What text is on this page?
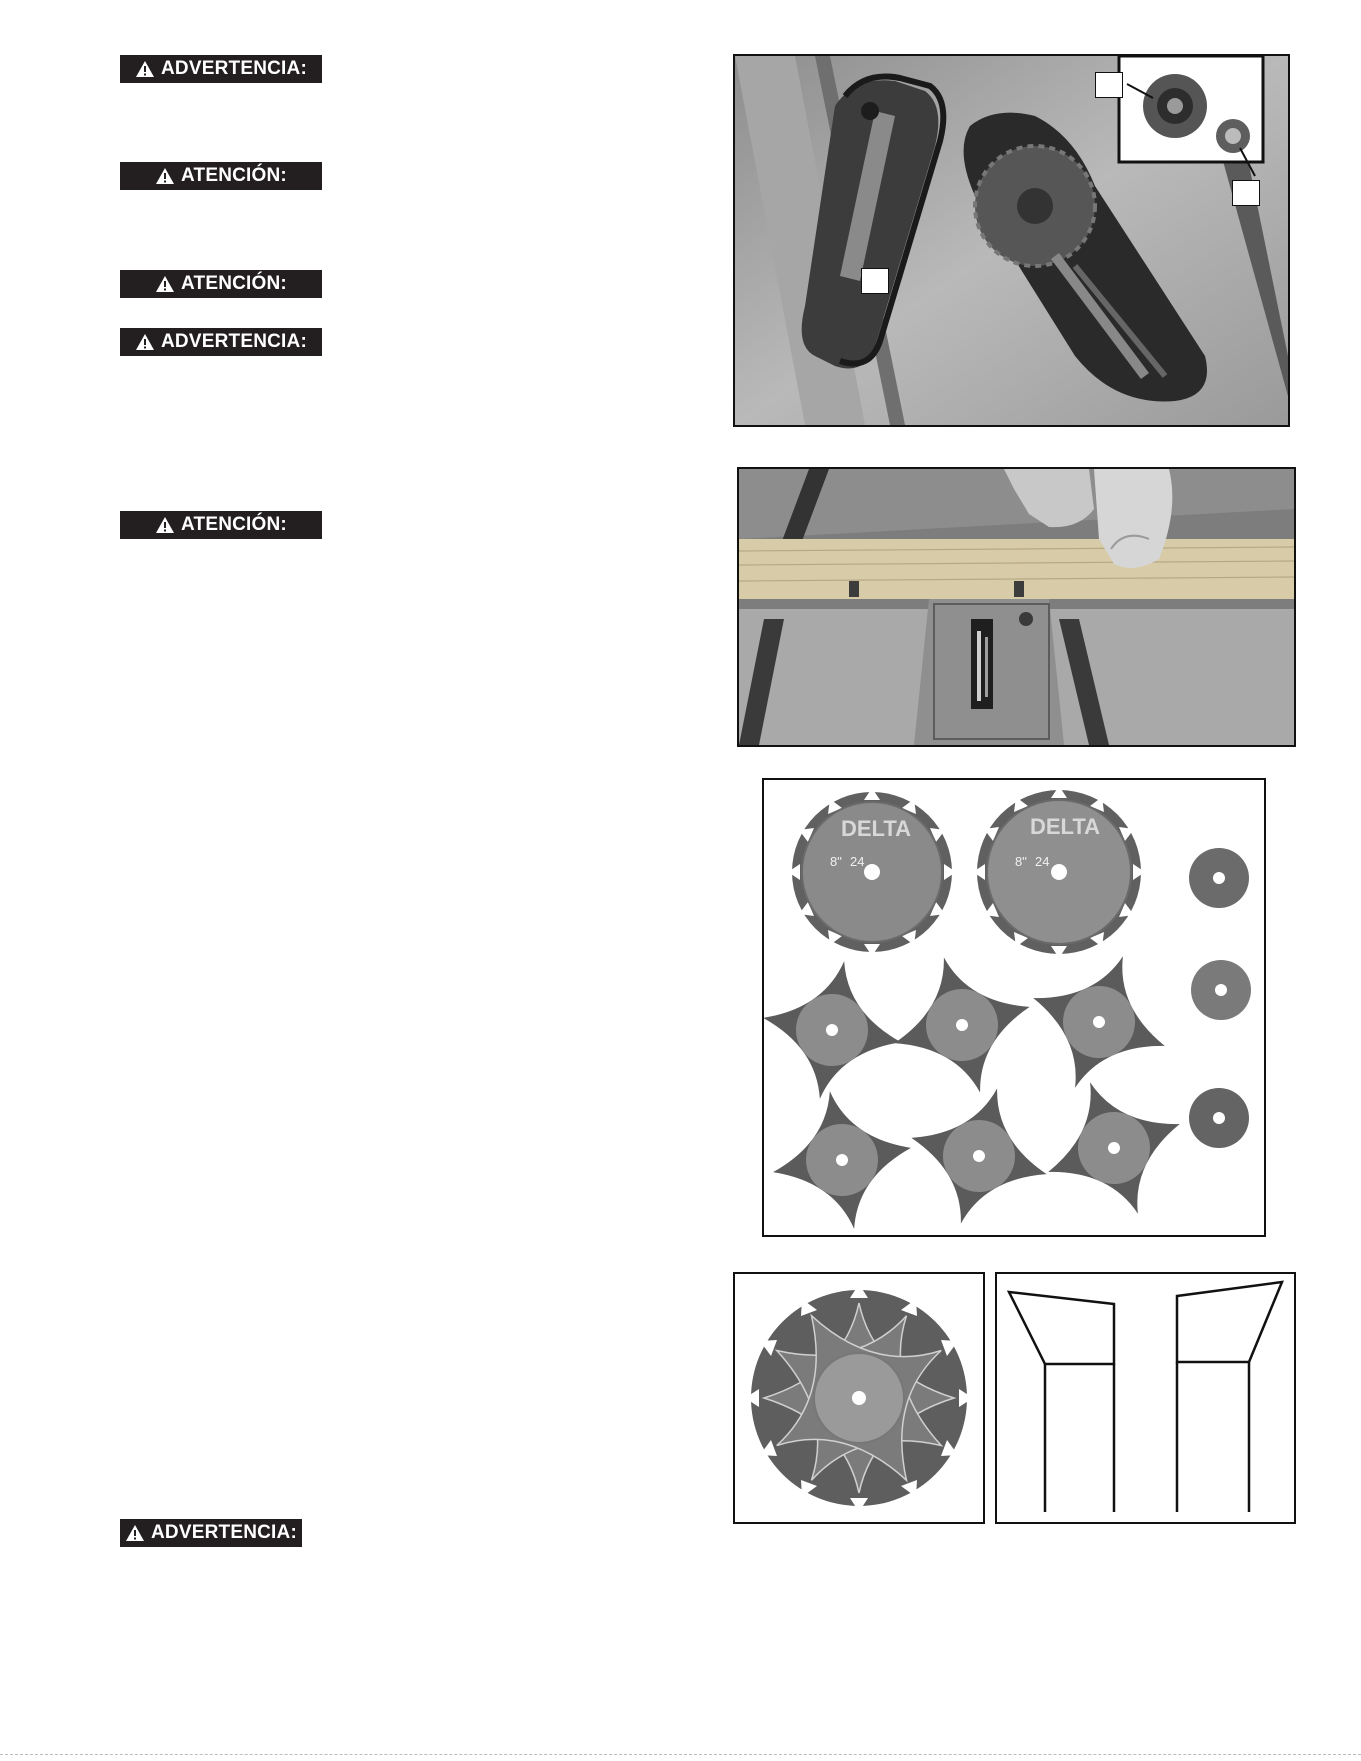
ADVERTENCIA:
ATENCIÓN:
ATENCIÓN:
ADVERTENCIA:
ATENCIÓN:
ADVERTENCIA:
DELTA
8" 24
DELTA
8" 24
